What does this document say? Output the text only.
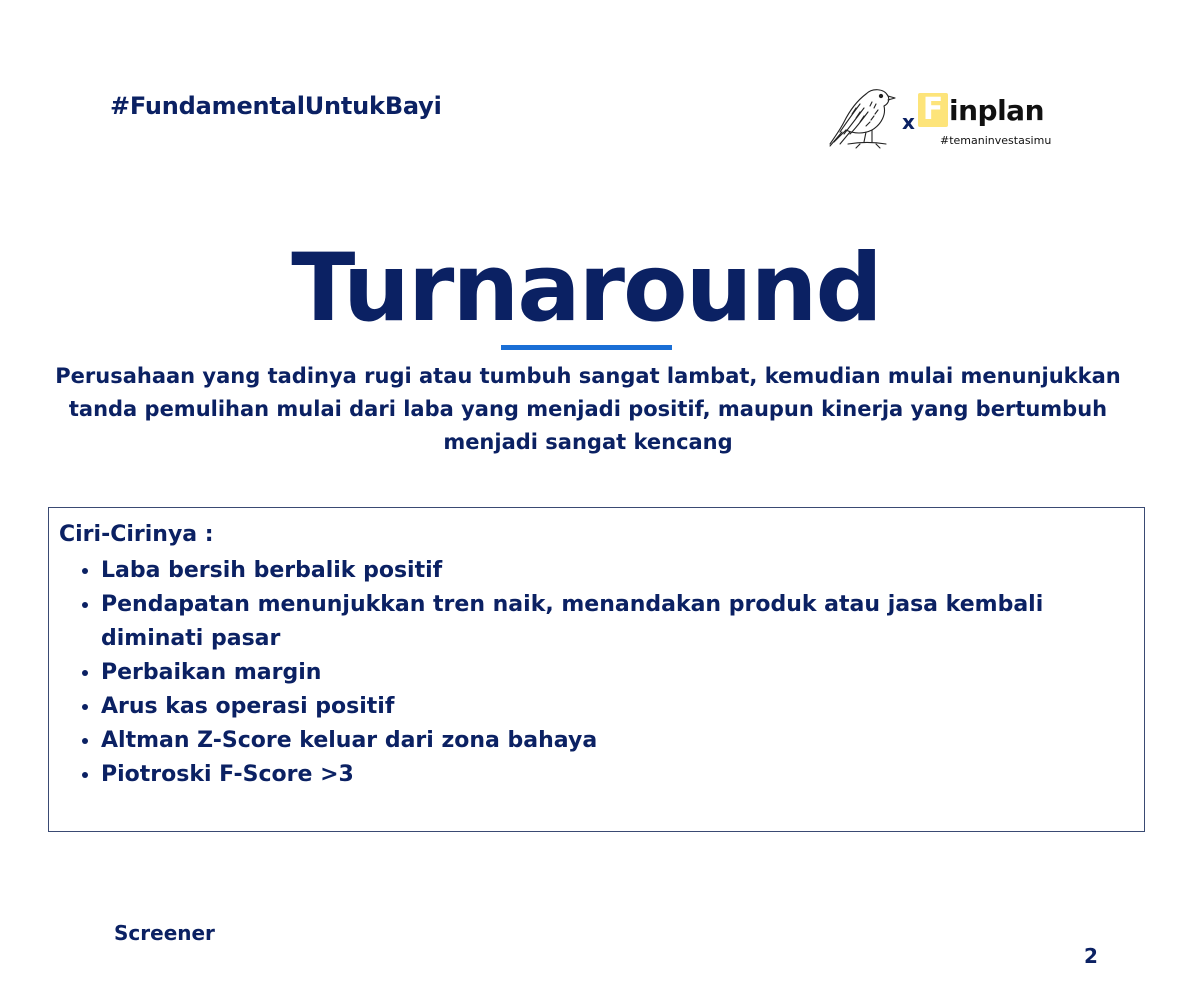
#FundamentalUntukBayi
x F inplan
#temaninvestasimu
Turnaround
Perusahaan yang tadinya rugi atau tumbuh sangat lambat, kemudian mulai menunjukkan tanda pemulihan mulai dari laba yang menjadi positif, maupun kinerja yang bertumbuh menjadi sangat kencang
Ciri-Cirinya :
• Laba bersih berbalik positif
• Pendapatan menunjukkan tren naik, menandakan produk atau jasa kembali diminati pasar
• Perbaikan margin
• Arus kas operasi positif
• Altman Z-Score keluar dari zona bahaya
• Piotroski F-Score >3
Screener
2
